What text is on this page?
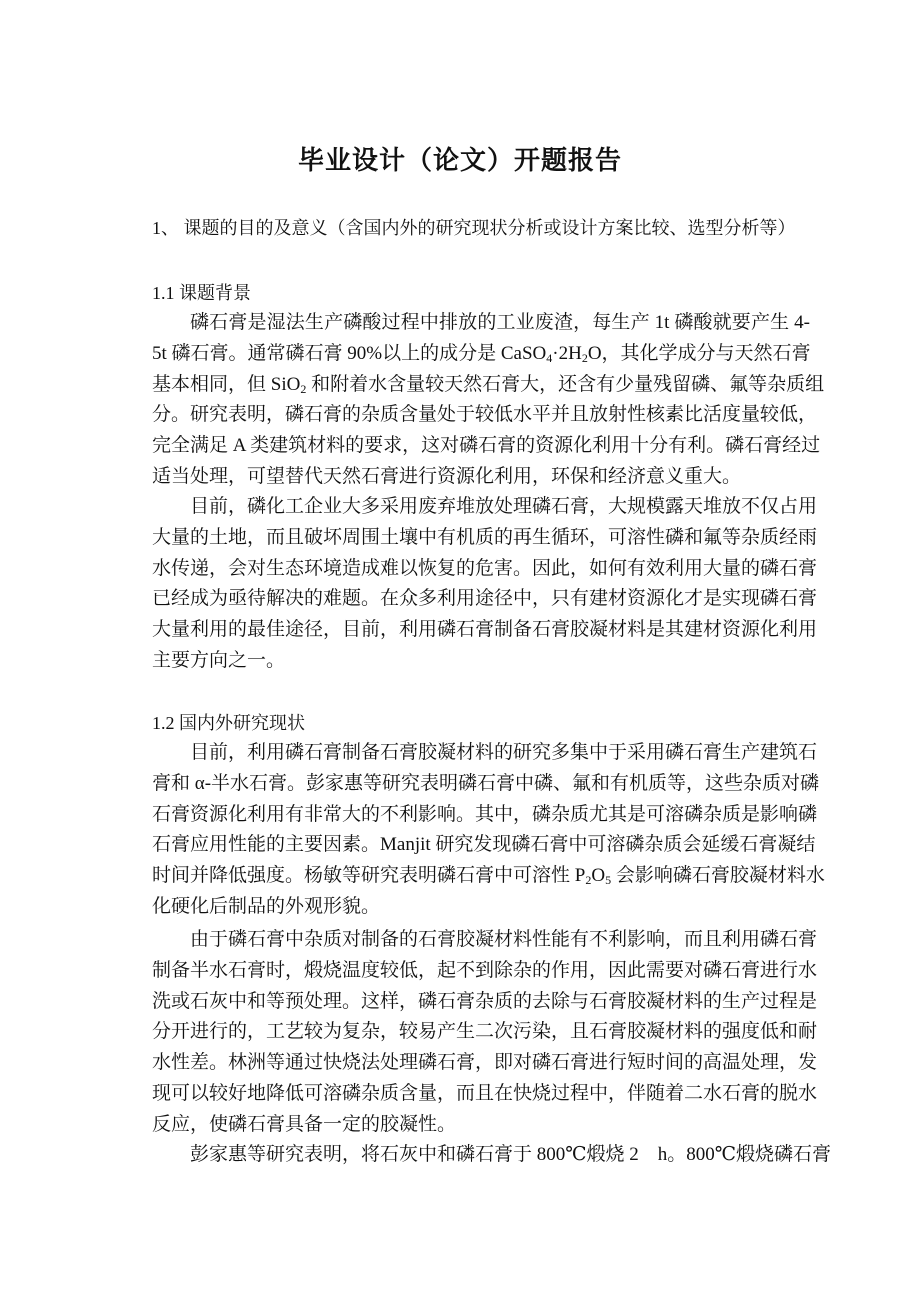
毕业设计（论文）开题报告
1、 课题的目的及意义（含国内外的研究现状分析或设计方案比较、选型分析等）
1.1 课题背景
磷石膏是湿法生产磷酸过程中排放的工业废渣，每生产 1t 磷酸就要产生 4-
5t 磷石膏。通常磷石膏 90%以上的成分是 $CaSO_4\cdot 2H_2O$，其化学成分与天然石膏
基本相同，但 SiO$_2$ 和附着水含量较天然石膏大，还含有少量残留磷、氟等杂质组
分。研究表明，磷石膏的杂质含量处于较低水平并且放射性核素比活度量较低，
完全满足 A 类建筑材料的要求，这对磷石膏的资源化利用十分有利。磷石膏经过
适当处理，可望替代天然石膏进行资源化利用，环保和经济意义重大。
目前，磷化工企业大多采用废弃堆放处理磷石膏，大规模露天堆放不仅占用
大量的土地，而且破坏周围土壤中有机质的再生循环，可溶性磷和氟等杂质经雨
水传递，会对生态环境造成难以恢复的危害。因此，如何有效利用大量的磷石膏
已经成为亟待解决的难题。在众多利用途径中，只有建材资源化才是实现磷石膏
大量利用的最佳途径，目前，利用磷石膏制备石膏胶凝材料是其建材资源化利用
主要方向之一。
1.2 国内外研究现状
目前，利用磷石膏制备石膏胶凝材料的研究多集中于采用磷石膏生产建筑石
膏和 α-半水石膏。彭家惠等研究表明磷石膏中磷、氟和有机质等，这些杂质对磷
石膏资源化利用有非常大的不利影响。其中，磷杂质尤其是可溶磷杂质是影响磷
石膏应用性能的主要因素。Manjit 研究发现磷石膏中可溶磷杂质会延缓石膏凝结
时间并降低强度。杨敏等研究表明磷石膏中可溶性 $P_2O_5$ 会影响磷石膏胶凝材料水
化硬化后制品的外观形貌。
由于磷石膏中杂质对制备的石膏胶凝材料性能有不利影响，而且利用磷石膏
制备半水石膏时，煅烧温度较低，起不到除杂的作用，因此需要对磷石膏进行水
洗或石灰中和等预处理。这样，磷石膏杂质的去除与石膏胶凝材料的生产过程是
分开进行的，工艺较为复杂，较易产生二次污染，且石膏胶凝材料的强度低和耐
水性差。林洲等通过快烧法处理磷石膏，即对磷石膏进行短时间的高温处理，发
现可以较好地降低可溶磷杂质含量，而且在快烧过程中，伴随着二水石膏的脱水
反应，使磷石膏具备一定的胶凝性。
彭家惠等研究表明，将石灰中和磷石膏于 800℃煅烧 2　h。800℃煅烧磷石膏
